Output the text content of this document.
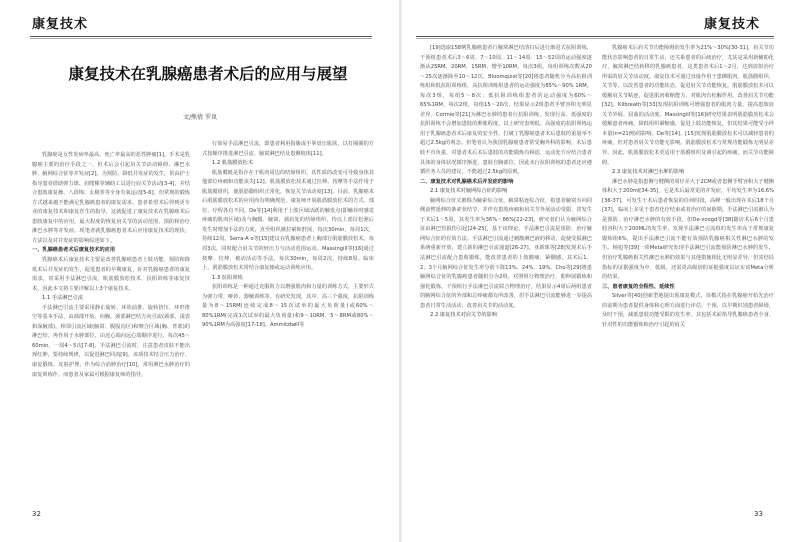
康复技术
康复技术在乳腺癌患者术后的应用与展望
文/熊倩 罗岚

乳腺癌是女性发病率最高、死亡率最高的恶性肿瘤[1]。手术是乳腺癌主要的治疗手段之一，但术后会引起肩关节活动障碍、淋巴水肿、腋网综合征等并发症[2]。为预防、降低并发症的发生，常由护士指导患者借助弹力球、肩爬梯等辅助工具进行肩关节活动[3-4]，并结合患肢康复操、八段锦、太极拳等全身有氧运动[5-6]。但常规的锻炼方式越来越不能满足乳腺癌患者的康复需求，患者希望术后得到更专业的康复技术和康复医生的指导，这就促进了康复技术在乳腺癌术后患肢康复中的应用，最大程度的恢复肩关节的活动范围，预防和治疗淋巴水肿等并发症。现笔者就乳腺癌患者术后应用康复技术的现状、方法以及对并发症的影响综述如下。

一、乳腺癌患者术后康复技术的应用

乳腺癌术后康复技术主要是改善乳腺癌患者上肢功能、预防和降低术后并发症的发生，促进患者的早期康复、针对乳腺癌患者的康复需求，常采用手法淋巴引流、肌筋膜放松技术、抗阻训练等康复技术，因此本文将主要详解以上3个康复技术。

1.1 手法淋巴引流

手法淋巴引流主要采用静止旋转、环状前推、旋转挤压、环形推空等基本手法，由颈部开始，向胸、颈部淋巴结方向引流(颈部、浅表和深腋部)，相邻引流区域(腋窝、腹股沟区)和吻合区域(胸、背部)的淋巴结，再作用于水肿部位，由近心端向远心端顺序进行，每次45～60min，一周4～5次[7-8]。手法淋巴引流时，注意患者皮肤不能出现红肿，要持续规律，以促进淋巴回流[9]。该项技术结合压力治疗、康复锻炼、皮肤护理，作为综合消肿治疗[10]，常用淋巴水肿治疗的康复训练作。而患者及家属可根据康复师的指导，

行简易手法淋巴引流，即患者利用指腹或手掌盘压肌肤，以打圈圈的方式按顺序推进淋巴引流、腋窝淋巴结及患侧肢体[11]。

1.2 肌筋膜放松术

肌筋膜链是指存在于肌肉周边的结缔组织，其性质的改变可导致身体其他部位疼痛和功能丧失[12]。肌筋膜放松技术通过拉伸、按摩等手法作用于肌筋膜组织，使肌筋膜组织正常化，恢复关节活动度[13]。目前，乳腺癌术后肌筋膜放松术的应用尚有明确规范，康复师开展肌筋膜放松术的方式、部位、疗程各有不同。De等[14]利用于上肢区域活跃的触发点(即触诊时感觉疼痛的肌肉区域)及与胸膜、腋窝、颈肩处的结缔组织，待以上部位松弛后发生时增加手法的力度，直至组织被拉紧和舒展，每次30min，每周1次，持续12周。Serra-A o等[15]建议在乳腺癌患者上胸部行肌筋膜放松术，每周3次，同时配合肩关节的轻压力与活动范围运动。Massingill等[16]通过按摩、拉伸、被动活动等手法，每次30min，每周2次，持续8周。临床上，肌筋膜放松术常结合康复操或运动训练应用。

1.3 抗阻训练

抗阻训练是一种通过克服阻力以增强肌肉和力量的训练方式，主要形式为弹力带、哑铃、器械训练等，有研究发现，其中、高三个强度，抗阻训练量为8～15RM(连续完成8～15次试举的最大负荷量)或60%～80%1RM(完成1次试举的最大负荷量)和9～10RM，5～8RM或80%～90%1RM为高强度[17-18]。Ammitzbøll等

32
康复技术

[19]选取158例乳腺癌患者行腋窝淋巴结清扫后进行渐进式抗阻训练，干预组患者术后3～6周、7～10周、11～14周、15～52周的运动强度逐渐从25RM、20RM、15RM、增至10RM，每次3组，每组训练次数从20～25次逐渐降至10～12次。Bloomquist等[20]将患者随机分为高抗阻训练组和低抗阻训练组，高抗阻训练组患者的运动强度为85%～90% 1RM，每次3组，每组5～8次；低抗阻训练组患者的运动强度为60%～65%1RM，每次2组，每组15～20次，结果显示2组患者手臂容积无明显差异。Cormie等[21]为淋巴水肿的患者行抗阻训练，发现行高、低强度的抗阻训练不会增加患肢的肿胀程度，以上研究表明低、高强度的抗阻训练运用于乳腺癌患者术后康复的安全性，打破了乳腺癌患者术后患肢的重量举不超过2.5kg的观念。但笔者认为我国乳腺癌患者常受胸外科的影响，术后患肢不肯负重，对患者术后术后患肢的功能锻炼有顾虑，运动处方应结合患者具体的身体状况循序渐进，患肢自胸部位，因此未行抗阻训练的患者还应遵循医务人员的建议，不能超过2.5kg的原则。

二、康复技术对乳腺癌术后并发症的影响

2.1 康复技术对腋网综合征的影响

腋网综合征又被称为腋索综合征，腋窝粘连综合征，指患者腋窝有向同侧前臂延伸的条索状结节，并伴有患肢疼痛和肩关节外展活动受限，常发生于术后1～5周，其发生率为36%～86%[22-23]。研究者们认为腋网综合征由淋巴管损伤引起[24-25]，基于该理论，手法淋巴引流是预防、治疗腋网综合征的有效方法。手法淋巴引流通过刺激淋巴液的移动，促使受损淋巴系统重新开放，建立新的淋巴引流通道[26-27]。亚新珠等[28]发现术后手法淋巴引流配合患肢锻炼，能改善患者的上肢酸痛、紧绷感，其术后1、2、3个月腋网综合征发生率分别下降13%、24%、19%。Cho等[29]将患腋网综合征的乳腺癌患者随机分为2组，对照组行物理治疗，即伸展锻炼和强化锻炼，干预组行手法淋巴引流联合物理治疗，结果显示4周后两组患者的腋网综合征的外部和总疼痛都有所改善，但手法淋巴引流能够进一步提高患者日常生活活动，改善肩关节的活动度。

2.2 康复技术对肩关节的影响

乳腺癌术后肩关节功能障碍的发生率为21%～30%[30-31]，肩关节功能状态影响患者的日常生活，还关系患者的后续治疗，尤其是采用新辅助化疗、腋窝淋巴结转移的乳腺癌患者，这类患者术后1～2月，达到放射治疗所需的肩关节活动度。康复技术可通过直接作用于患侧肌肉、肌筋膜组织、关节等，以改善患者的功能状态，促进肩关节功能恢复。肌筋膜放松术可以缓解肩关节粘连，促进肌肉收缩能力，对肌肉有松解作用，改善肩关节功能[32]。Kilbreath等[33]发现抗阻训练可增强患者的肌肉力量，提高患肢肩关节外展、屈曲的活动度。Massingill等[16]研究结果表明肌筋膜放松术会缓解患者疼痛，降低组织紧缩感，促进上肢功能恢复，但其结果可能受小样本量(n=21例)的影响。De等[14]、[15]发现肌筋膜放松术可以减轻患者的疼痛，但对患者肩关节功能无影响，肌筋膜放松术与常规功能锻炼无明显差异。因此，肌筋膜放松术更适用于筋膜组织及调引起的疼痛，而关节功能障碍。

2.3 康复技术对淋巴水肿的影响

淋巴水肿是指患侧与健侧的周径差大于2CM或者患侧手臂容积大于健侧体积大于200ml[34-35]，它是术后最常见的并发症，平均发生率为16.6%[36-37]，可发生于术后患者恢复的任何时段，高峰一般出现在术后18个月[37]，临床上多见于患者化疗结束或者治疗的间歇期。手法淋巴引流被认为是预防、治疗淋巴水肿的有效手段，但De-voogd等[38]随访术后6个月患肢容积大于200ML的发生率，发现手法淋巴引流组的发生率高于常规康复锻炼组6%，提出手法淋巴引流不能有效预防乳腺癌相关性淋巴水肿的发生。杨旭等[39]一项Meta研究发现手法淋巴引流能预防淋巴水肿的发生，但治疗乳腺癌相关性淋巴水肿的效果与其他措施相比无明显差异，但其结局指标的证据强度为中、低级，还需更高级别的证据强度以证实该Meta分析的结果。

三、患者康复的全程性、延续性

Silver等[40]创新型地提出预康复模式，该模式指在乳腺癌开始先治疗的前期为患者提供身体和心理方面进行评估、干预，以早期识别患者障碍，及时干预，减低患肢功能受限的发生率。其包括术前指导乳腺癌患者全身、针对性的功能锻炼和治疗引起的肩关

33
